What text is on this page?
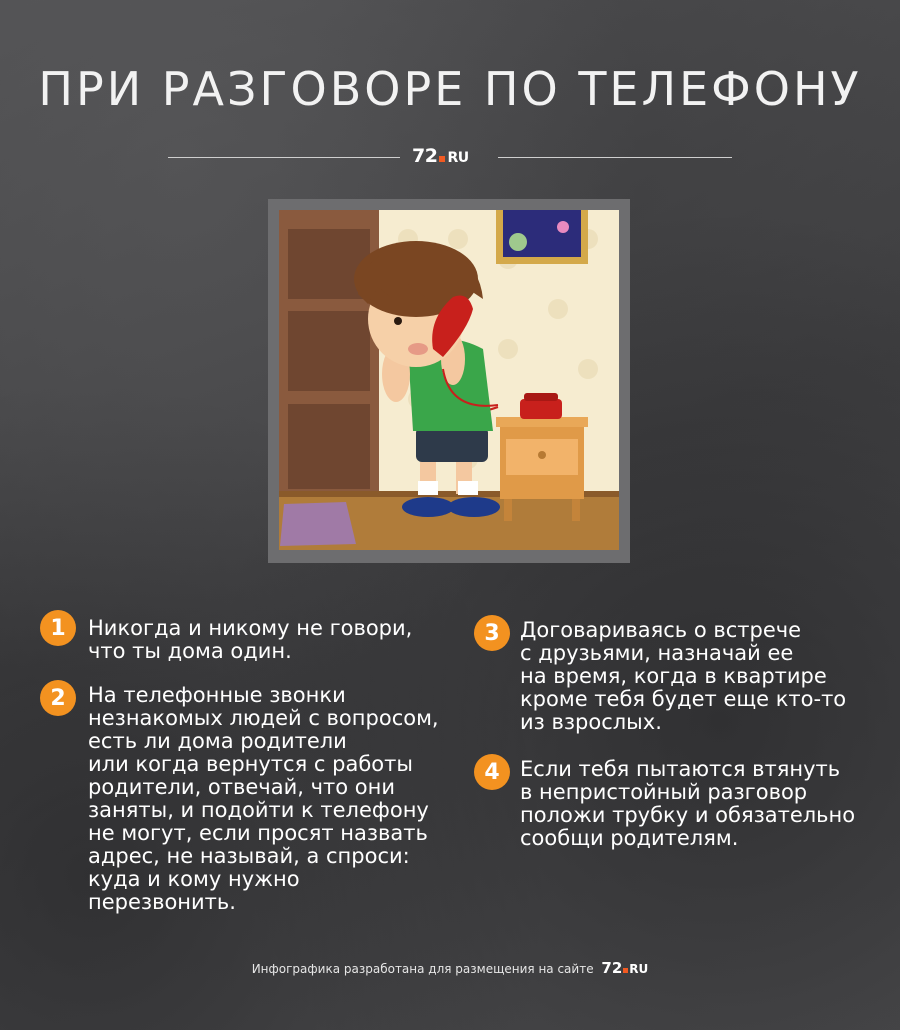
ПРИ РАЗГОВОРЕ ПО ТЕЛЕФОНУ
72 RU
1	Никогда и никому не говори,
что ты дома один.
2	На телефонные звонки
незнакомых людей с вопросом,
есть ли дома родители
или когда вернутся с работы
родители, отвечай, что они
заняты, и подойти к телефону
не могут, если просят назвать
адрес, не называй, а спроси:
куда и кому нужно
перезвонить.
3 Договариваясь о встрече
с друзьями, назначай ее
на время, когда в квартире
кроме тебя будет еще кто-то
из взрослых.
4 Если тебя пытаются втянуть
в непристойный разговор
положи трубку и обязательно
сообщи родителям.
Инфографика разработана для размещения на сайте 72 RU
